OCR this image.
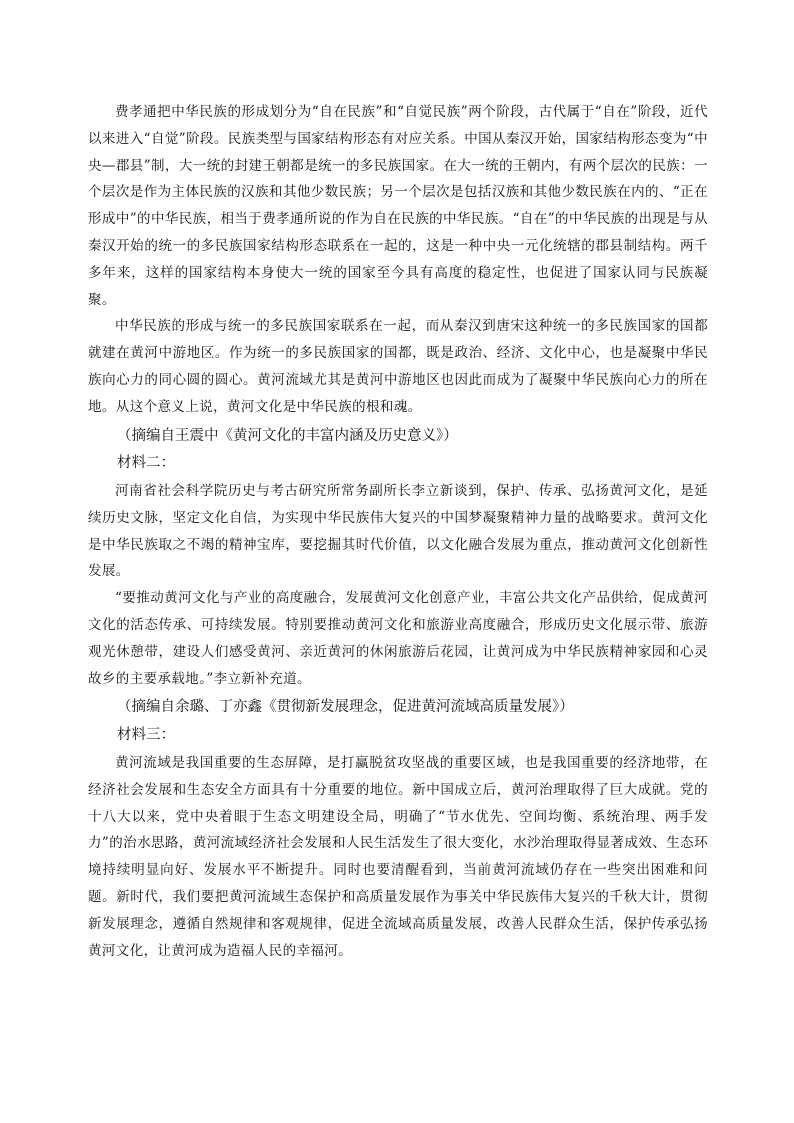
费孝通把中华民族的形成划分为“自在民族”和“自觉民族”两个阶段，古代属于“自在”阶段，近代以来进入“自觉”阶段。民族类型与国家结构形态有对应关系。中国从秦汉开始，国家结构形态变为“中央—郡县”制，大一统的封建王朝都是统一的多民族国家。在大一统的王朝内，有两个层次的民族：一个层次是作为主体民族的汉族和其他少数民族；另一个层次是包括汉族和其他少数民族在内的、“正在形成中”的中华民族，相当于费孝通所说的作为自在民族的中华民族。“自在”的中华民族的出现是与从秦汉开始的统一的多民族国家结构形态联系在一起的，这是一种中央一元化统辖的郡县制结构。两千多年来，这样的国家结构本身使大一统的国家至今具有高度的稳定性，也促进了国家认同与民族凝聚。

中华民族的形成与统一的多民族国家联系在一起，而从秦汉到唐宋这种统一的多民族国家的国都就建在黄河中游地区。作为统一的多民族国家的国都，既是政治、经济、文化中心，也是凝聚中华民族向心力的同心圆的圆心。黄河流域尤其是黄河中游地区也因此而成为了凝聚中华民族向心力的所在地。从这个意义上说，黄河文化是中华民族的根和魂。

（摘编自王震中《黄河文化的丰富内涵及历史意义》）

材料二：

河南省社会科学院历史与考古研究所常务副所长李立新谈到，保护、传承、弘扬黄河文化，是延续历史文脉，坚定文化自信，为实现中华民族伟大复兴的中国梦凝聚精神力量的战略要求。黄河文化是中华民族取之不竭的精神宝库，要挖掘其时代价值，以文化融合发展为重点，推动黄河文化创新性发展。

“要推动黄河文化与产业的高度融合，发展黄河文化创意产业，丰富公共文化产品供给，促成黄河文化的活态传承、可持续发展。特别要推动黄河文化和旅游业高度融合，形成历史文化展示带、旅游观光休憩带，建设人们感受黄河、亲近黄河的休闲旅游后花园，让黄河成为中华民族精神家园和心灵故乡的主要承载地。”李立新补充道。

（摘编自余璐、丁亦鑫《贯彻新发展理念，促进黄河流域高质量发展》）

材料三：

黄河流域是我国重要的生态屏障，是打赢脱贫攻坚战的重要区域，也是我国重要的经济地带，在经济社会发展和生态安全方面具有十分重要的地位。新中国成立后，黄河治理取得了巨大成就。党的十八大以来，党中央着眼于生态文明建设全局，明确了“节水优先、空间均衡、系统治理、两手发力”的治水思路，黄河流域经济社会发展和人民生活发生了很大变化，水沙治理取得显著成效、生态环境持续明显向好、发展水平不断提升。同时也要清醒看到，当前黄河流域仍存在一些突出困难和问题。新时代，我们要把黄河流域生态保护和高质量发展作为事关中华民族伟大复兴的千秋大计，贯彻新发展理念，遵循自然规律和客观规律，促进全流域高质量发展，改善人民群众生活，保护传承弘扬黄河文化，让黄河成为造福人民的幸福河。
